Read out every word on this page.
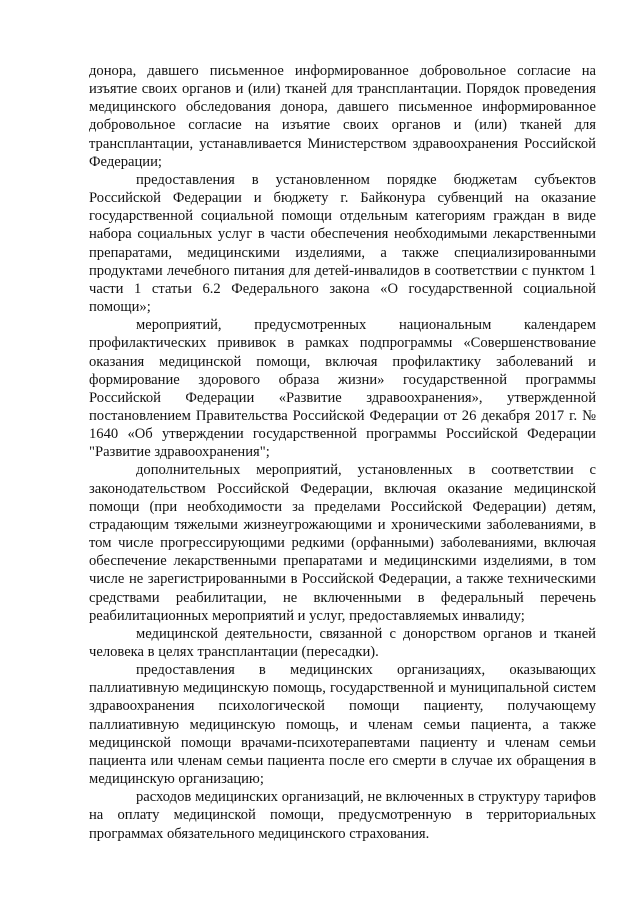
донора, давшего письменное информированное добровольное согласие на изъятие своих органов и (или) тканей для трансплантации. Порядок проведения медицинского обследования донора, давшего письменное информированное добровольное согласие на изъятие своих органов и (или) тканей для трансплантации, устанавливается Министерством здравоохранения Российской Федерации;

предоставления в установленном порядке бюджетам субъектов Российской Федерации и бюджету г. Байконура субвенций на оказание государственной социальной помощи отдельным категориям граждан в виде набора социальных услуг в части обеспечения необходимыми лекарственными препаратами, медицинскими изделиями, а также специализированными продуктами лечебного питания для детей-инвалидов в соответствии с пунктом 1 части 1 статьи 6.2 Федерального закона «О государственной социальной помощи»;

мероприятий, предусмотренных национальным календарем профилактических прививок в рамках подпрограммы «Совершенствование оказания медицинской помощи, включая профилактику заболеваний и формирование здорового образа жизни» государственной программы Российской Федерации «Развитие здравоохранения», утвержденной постановлением Правительства Российской Федерации от 26 декабря 2017 г. № 1640 «Об утверждении государственной программы Российской Федерации "Развитие здравоохранения";

дополнительных мероприятий, установленных в соответствии с законодательством Российской Федерации, включая оказание медицинской помощи (при необходимости за пределами Российской Федерации) детям, страдающим тяжелыми жизнеугрожающими и хроническими заболеваниями, в том числе прогрессирующими редкими (орфанными) заболеваниями, включая обеспечение лекарственными препаратами и медицинскими изделиями, в том числе не зарегистрированными в Российской Федерации, а также техническими средствами реабилитации, не включенными в федеральный перечень реабилитационных мероприятий и услуг, предоставляемых инвалиду;

медицинской деятельности, связанной с донорством органов и тканей человека в целях трансплантации (пересадки).

предоставления в медицинских организациях, оказывающих паллиативную медицинскую помощь, государственной и муниципальной систем здравоохранения психологической помощи пациенту, получающему паллиативную медицинскую помощь, и членам семьи пациента, а также медицинской помощи врачами-психотерапевтами пациенту и членам семьи пациента или членам семьи пациента после его смерти в случае их обращения в медицинскую организацию;

расходов медицинских организаций, не включенных в структуру тарифов на оплату медицинской помощи, предусмотренную в территориальных программах обязательного медицинского страхования.
